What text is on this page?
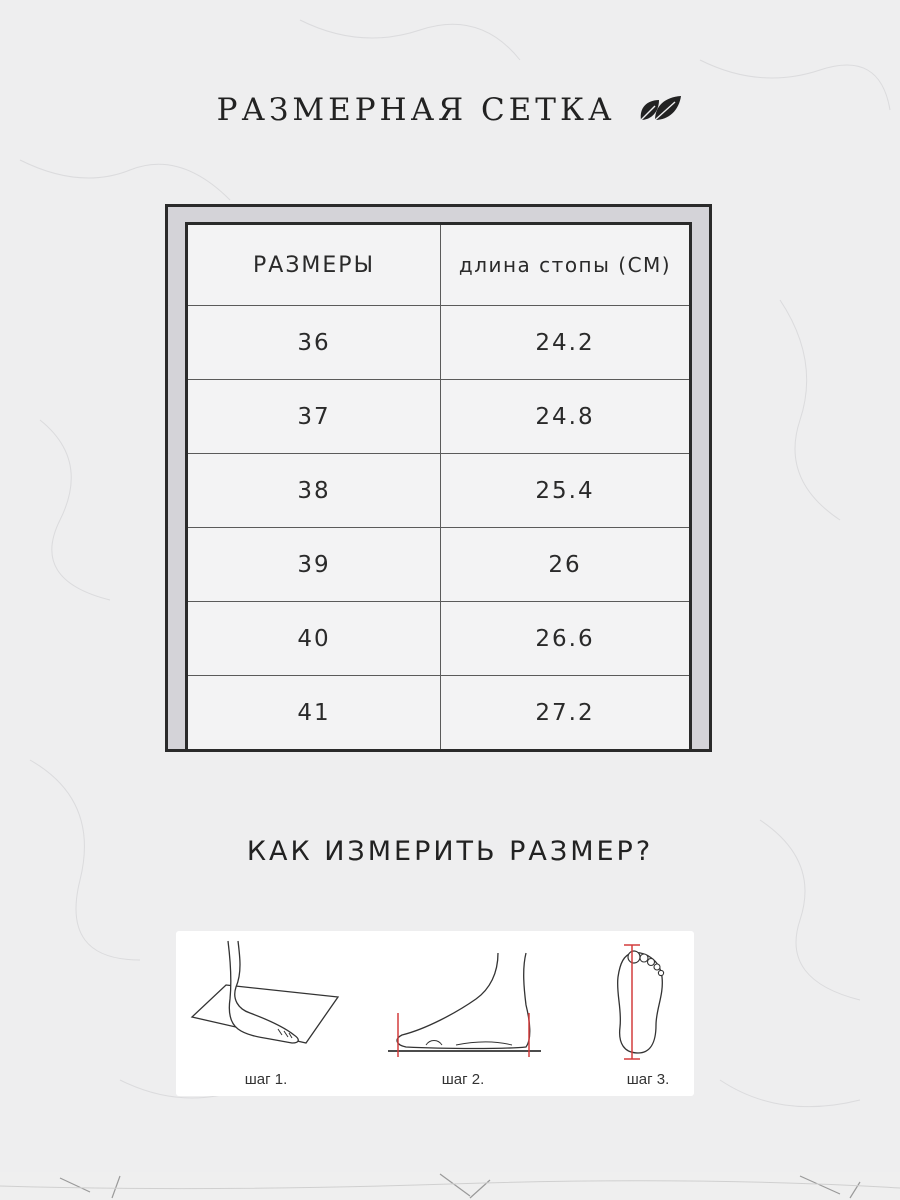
РАЗМЕРНАЯ СЕТКА
РАЗМЕРЫ	длина стопы (СМ)
36	24.2
37	24.8
38	25.4
39	26
40	26.6
41	27.2
КАК ИЗМЕРИТЬ РАЗМЕР?
шаг 1.	шаг 2.	шаг 3.
